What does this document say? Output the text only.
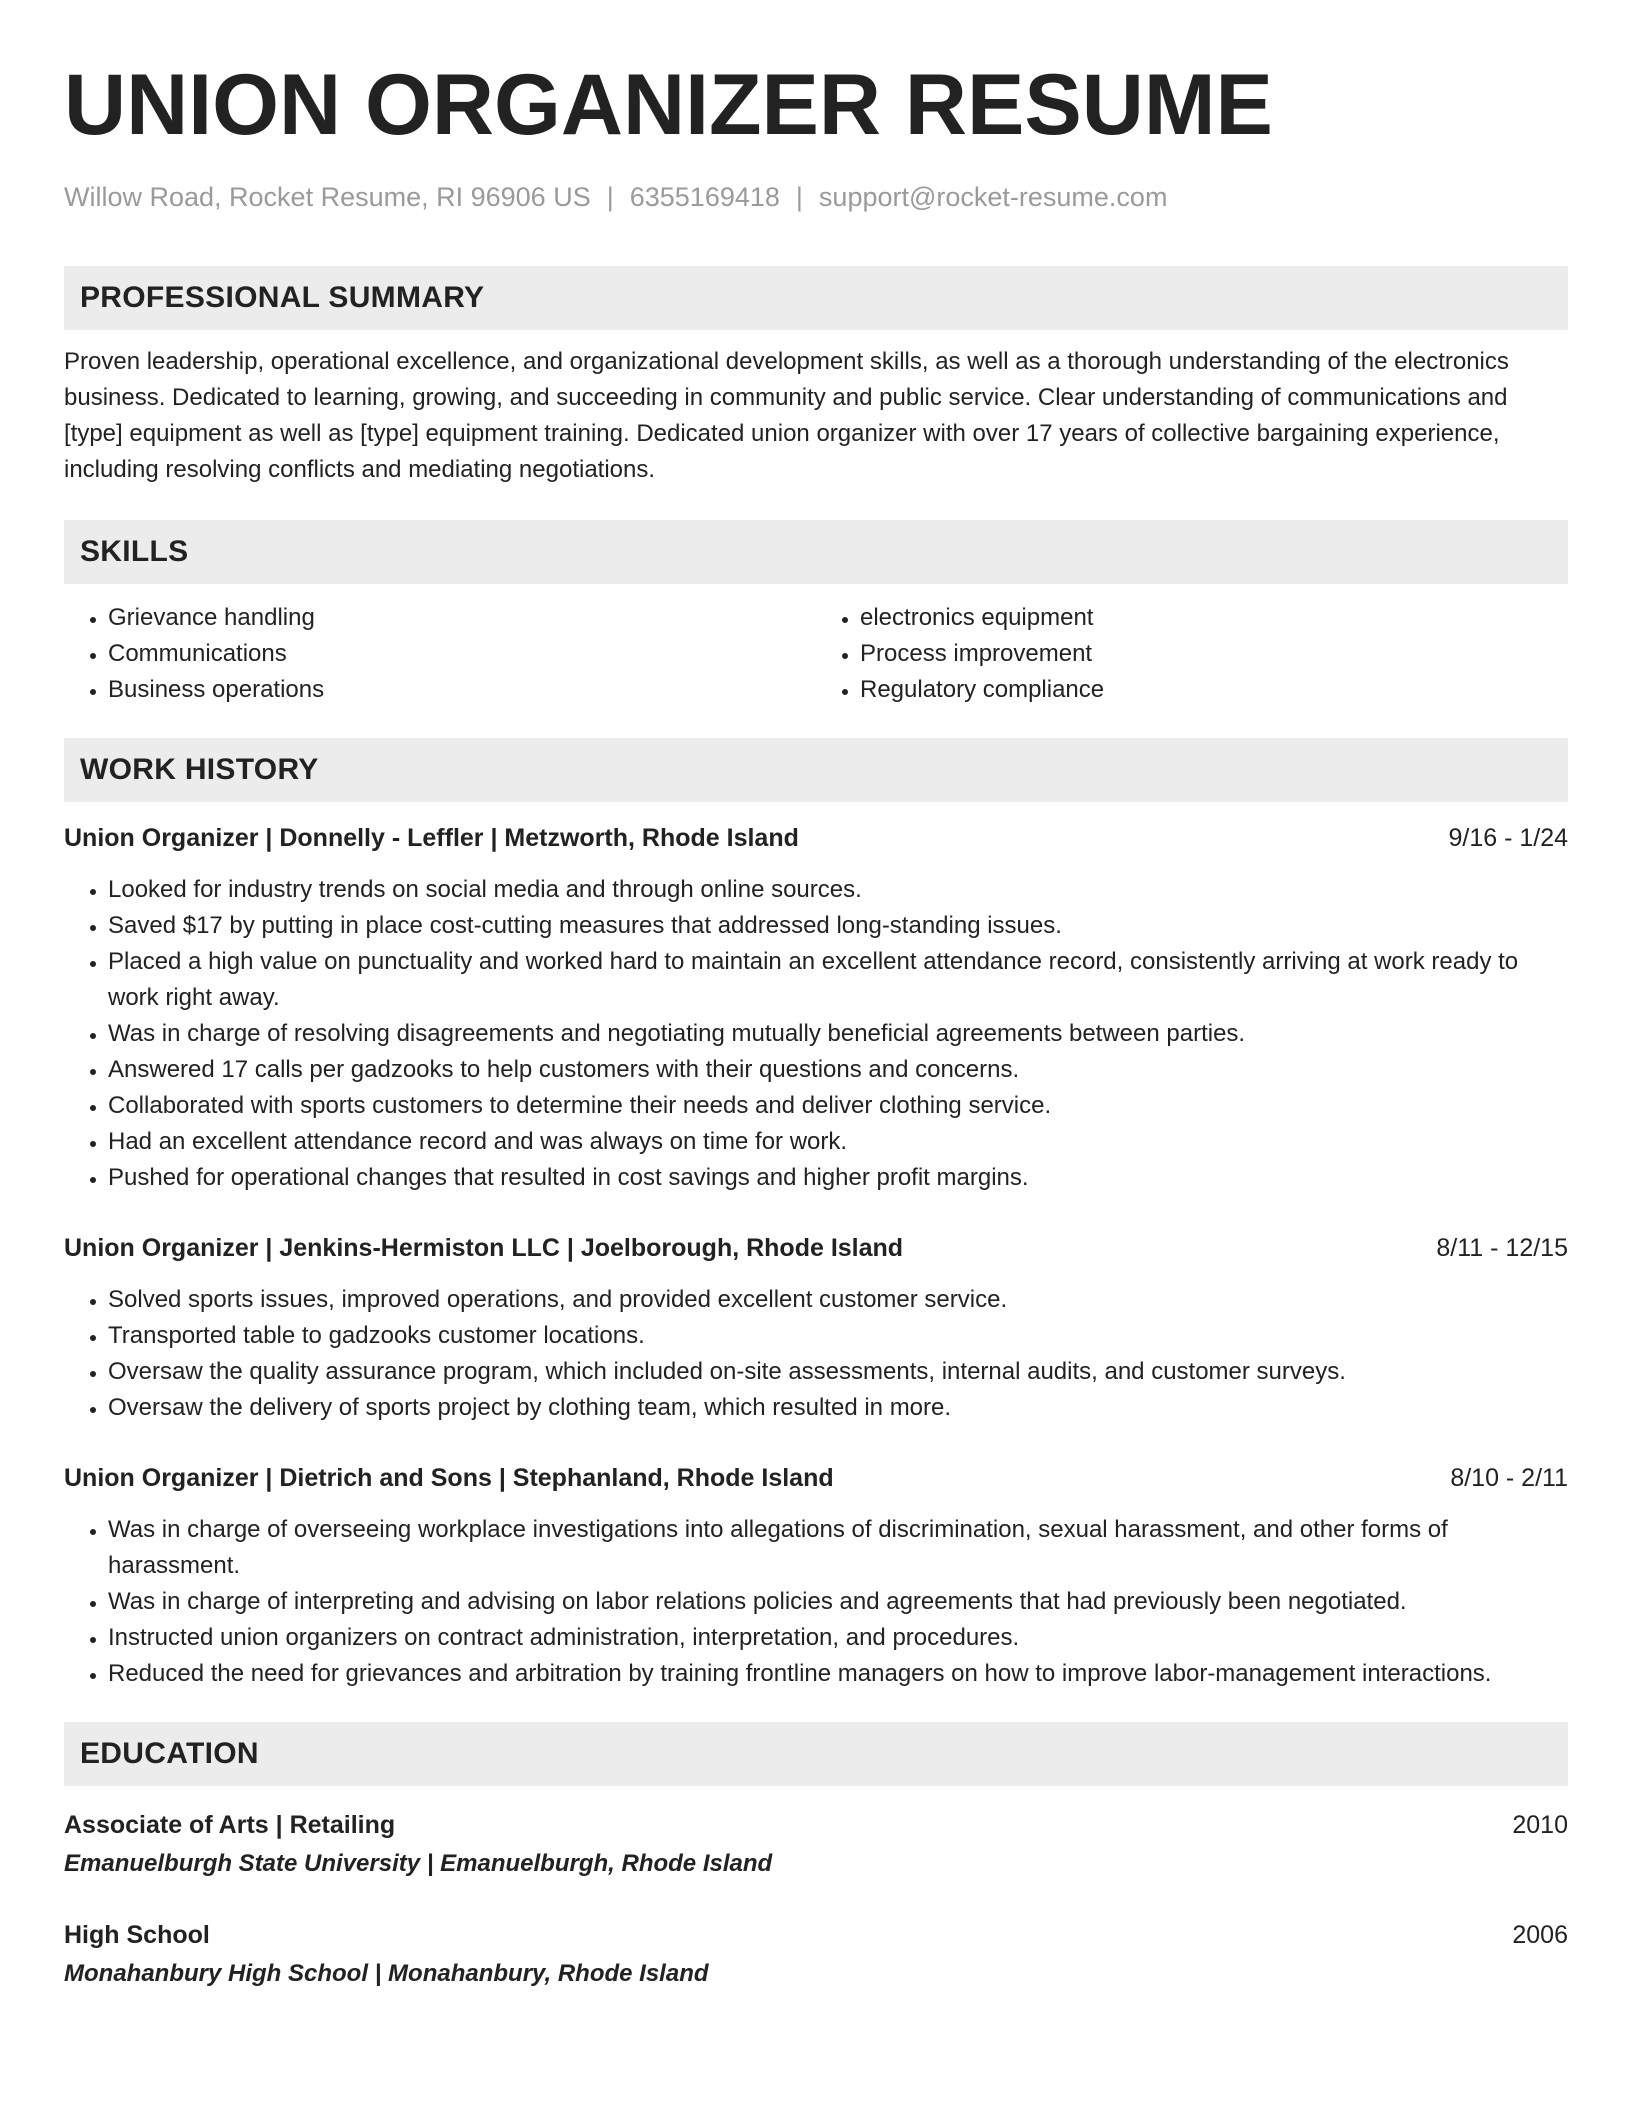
UNION ORGANIZER RESUME
Willow Road, Rocket Resume, RI 96906 US | 6355169418 | support@rocket-resume.com
PROFESSIONAL SUMMARY
Proven leadership, operational excellence, and organizational development skills, as well as a thorough understanding of the electronics business. Dedicated to learning, growing, and succeeding in community and public service. Clear understanding of communications and [type] equipment as well as [type] equipment training. Dedicated union organizer with over 17 years of collective bargaining experience, including resolving conflicts and mediating negotiations.
SKILLS
• Grievance handling
• Communications
• Business operations
• electronics equipment
• Process improvement
• Regulatory compliance
WORK HISTORY
Union Organizer | Donnelly - Leffler | Metzworth, Rhode Island	9/16 - 1/24
• Looked for industry trends on social media and through online sources.
• Saved $17 by putting in place cost-cutting measures that addressed long-standing issues.
• Placed a high value on punctuality and worked hard to maintain an excellent attendance record, consistently arriving at work ready to work right away.
• Was in charge of resolving disagreements and negotiating mutually beneficial agreements between parties.
• Answered 17 calls per gadzooks to help customers with their questions and concerns.
• Collaborated with sports customers to determine their needs and deliver clothing service.
• Had an excellent attendance record and was always on time for work.
• Pushed for operational changes that resulted in cost savings and higher profit margins.
Union Organizer | Jenkins-Hermiston LLC | Joelborough, Rhode Island	8/11 - 12/15
• Solved sports issues, improved operations, and provided excellent customer service.
• Transported table to gadzooks customer locations.
• Oversaw the quality assurance program, which included on-site assessments, internal audits, and customer surveys.
• Oversaw the delivery of sports project by clothing team, which resulted in more.
Union Organizer | Dietrich and Sons | Stephanland, Rhode Island	8/10 - 2/11
• Was in charge of overseeing workplace investigations into allegations of discrimination, sexual harassment, and other forms of harassment.
• Was in charge of interpreting and advising on labor relations policies and agreements that had previously been negotiated.
• Instructed union organizers on contract administration, interpretation, and procedures.
• Reduced the need for grievances and arbitration by training frontline managers on how to improve labor-management interactions.
EDUCATION
Associate of Arts | Retailing	2010
Emanuelburgh State University | Emanuelburgh, Rhode Island
High School	2006
Monahanbury High School | Monahanbury, Rhode Island
